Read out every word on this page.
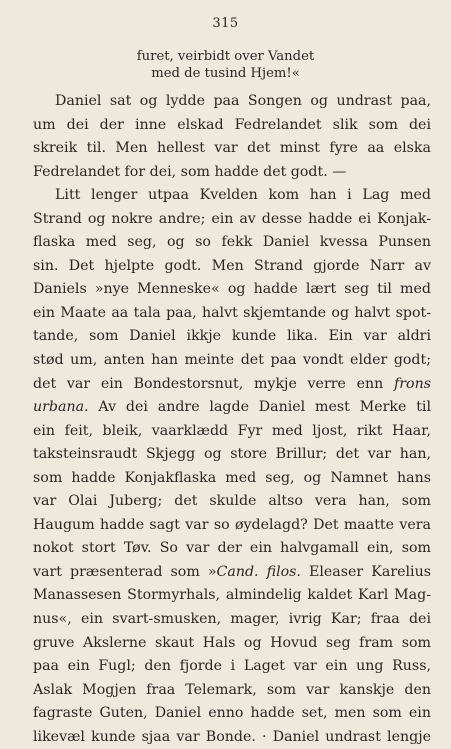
315
furet, veirbidt over Vandet
med de tusind Hjem!«
Daniel sat og lydde paa Songen og undrast paa,
um dei der inne elskad Fedrelandet slik som dei
skreik til. Men hellest var det minst fyre aa elska
Fedrelandet for dei, som hadde det godt. —
Litt lenger utpaa Kvelden kom han i Lag med
Strand og nokre andre; ein av desse hadde ei Konjak-
flaska med seg, og so fekk Daniel kvessa Punsen
sin. Det hjelpte godt. Men Strand gjorde Narr av
Daniels »nye Menneske« og hadde lært seg til med
ein Maate aa tala paa, halvt skjemtande og halvt spot-
tande, som Daniel ikkje kunde lika. Ein var aldri
stød um, anten han meinte det paa vondt elder godt;
det var ein Bondestorsnut, mykje verre enn frons
urbana. Av dei andre lagde Daniel mest Merke til
ein feit, bleik, vaarklædd Fyr med ljost, rikt Haar,
taksteinsraudt Skjegg og store Brillur; det var han,
som hadde Konjakflaska med seg, og Namnet hans
var Olai Juberg; det skulde altso vera han, som
Haugum hadde sagt var so øydelagd? Det maatte vera
nokot stort Tøv. So var der ein halvgamall ein, som
vart præsenterad som »Cand. filos. Eleaser Karelius
Manassesen Stormyrhals, almindelig kaldet Karl Mag-
nus«, ein svart-smusken, mager, ivrig Kar; fraa dei
gruve Akslerne skaut Hals og Hovud seg fram som
paa ein Fugl; den fjorde i Laget var ein ung Russ,
Aslak Mogjen fraa Telemark, som var kanskje den
fagraste Guten, Daniel enno hadde set, men som ein
likevæl kunde sjaa var Bonde. · Daniel undrast lengje
